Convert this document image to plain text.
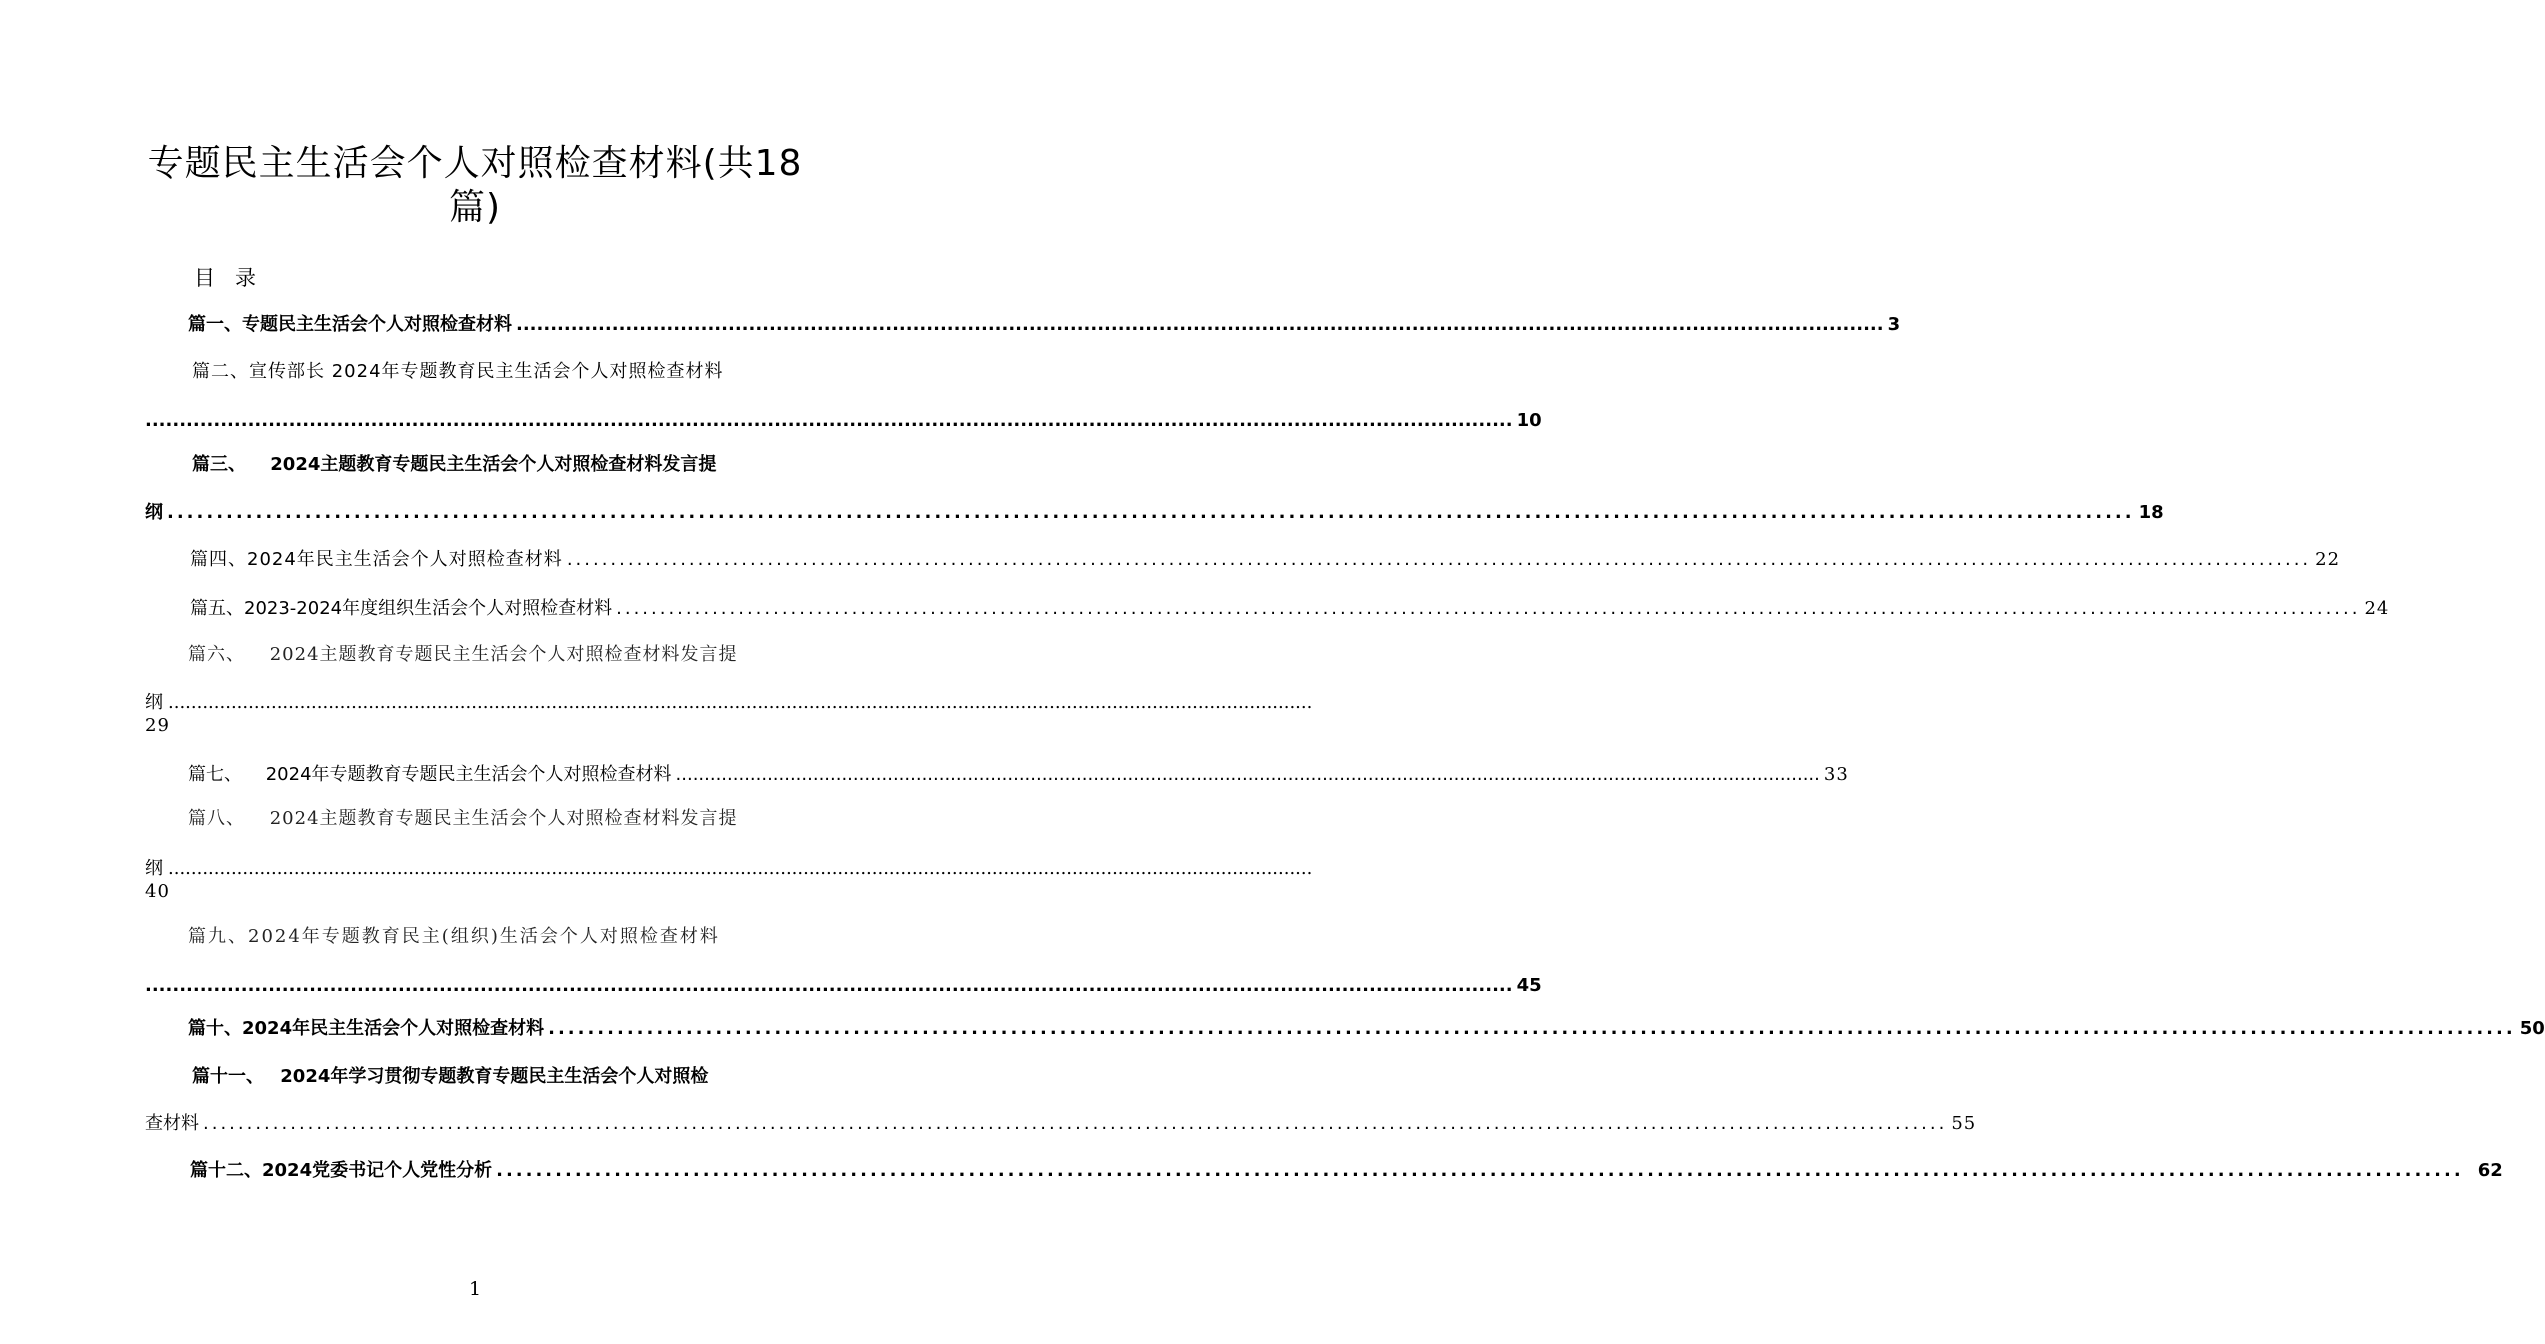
专题民主生活会个人对照检查材料(共18
篇)
目录
篇一、专题民主生活会个人对照检查材料 ........................................................................................................................................................................................................ 3
篇二、宣传部长 2024年专题教育民主生活会个人对照检查材料
........................................................................................................................................................................................................ 10
篇三、 2024主题教育专题民主生活会个人对照检查材料发言提
纲 ........................................................................................................................................................................................................ 18
篇四、2024年民主生活会个人对照检查材料 ........................................................................................................................................................................................................ 22
篇五、2023-2024年度组织生活会个人对照检查材料 ........................................................................................................................................................................................................ 24
篇六、 2024主题教育专题民主生活会个人对照检查材料发言提
纲 ........................................................................................................................................................................................................
29
篇七、 2024年专题教育专题民主生活会个人对照检查材料 ........................................................................................................................................................................................................ 33
篇八、 2024主题教育专题民主生活会个人对照检查材料发言提
纲 ........................................................................................................................................................................................................
40
篇九、2024年专题教育民主(组织)生活会个人对照检查材料
........................................................................................................................................................................................................ 45
篇十、2024年民主生活会个人对照检查材料 ........................................................................................................................................................................................................ 50
篇十一、 2024年学习贯彻专题教育专题民主生活会个人对照检
查材料 ........................................................................................................................................................................................................ 55
篇十二、2024党委书记个人党性分析 ........................................................................................................................................................................................................ 62
1
